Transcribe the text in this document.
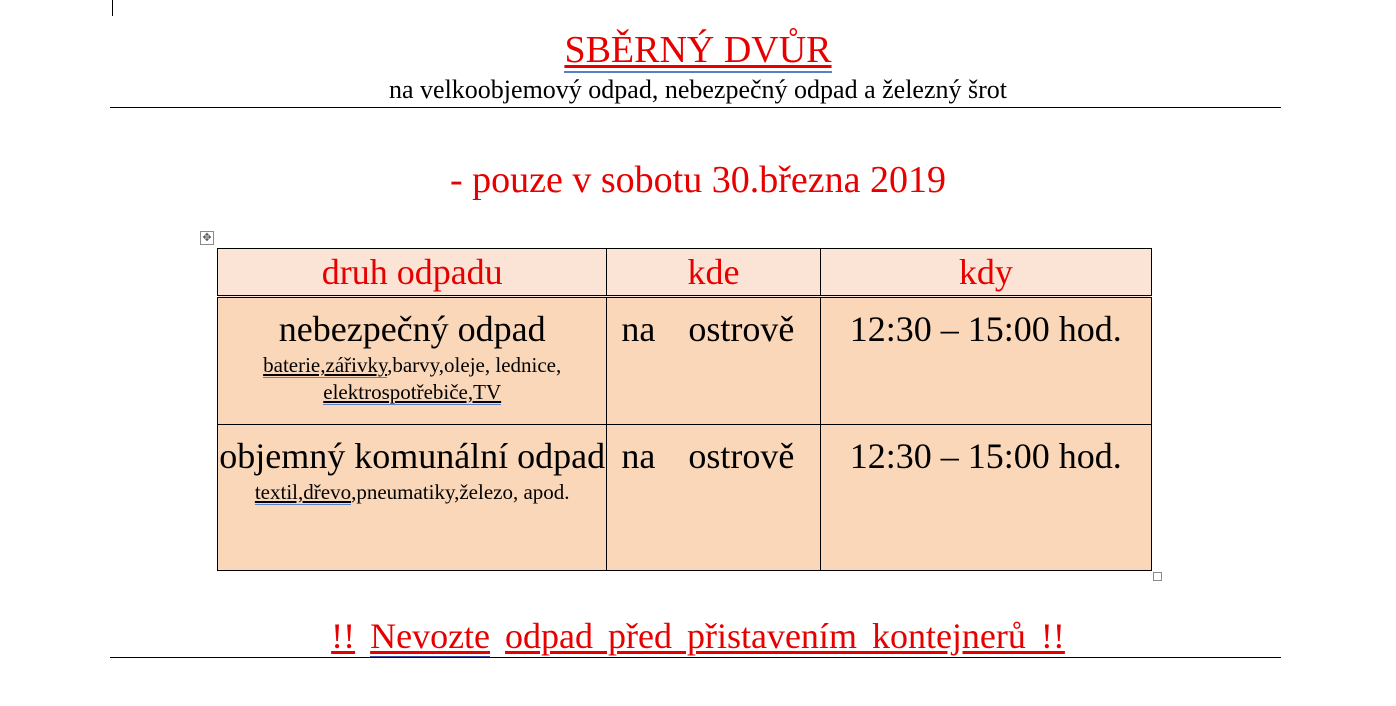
SBĚRNÝ DVŮR
na velkoobjemový odpad, nebezpečný odpad a železný šrot
- pouze v sobotu 30.března 2019
✥
druh odpadu	kde	kdy

nebezpečný odpad
baterie,zářivky,barvy,oleje, lednice,
elektrospotřebiče,TV	na ostrově	12:30 – 15:00 hod.

objemný komunální odpad
textil,dřevo,pneumatiky,železo, apod.	na ostrově	12:30 – 15:00 hod.
!! Nevozte odpad před přistavením kontejnerů !!
